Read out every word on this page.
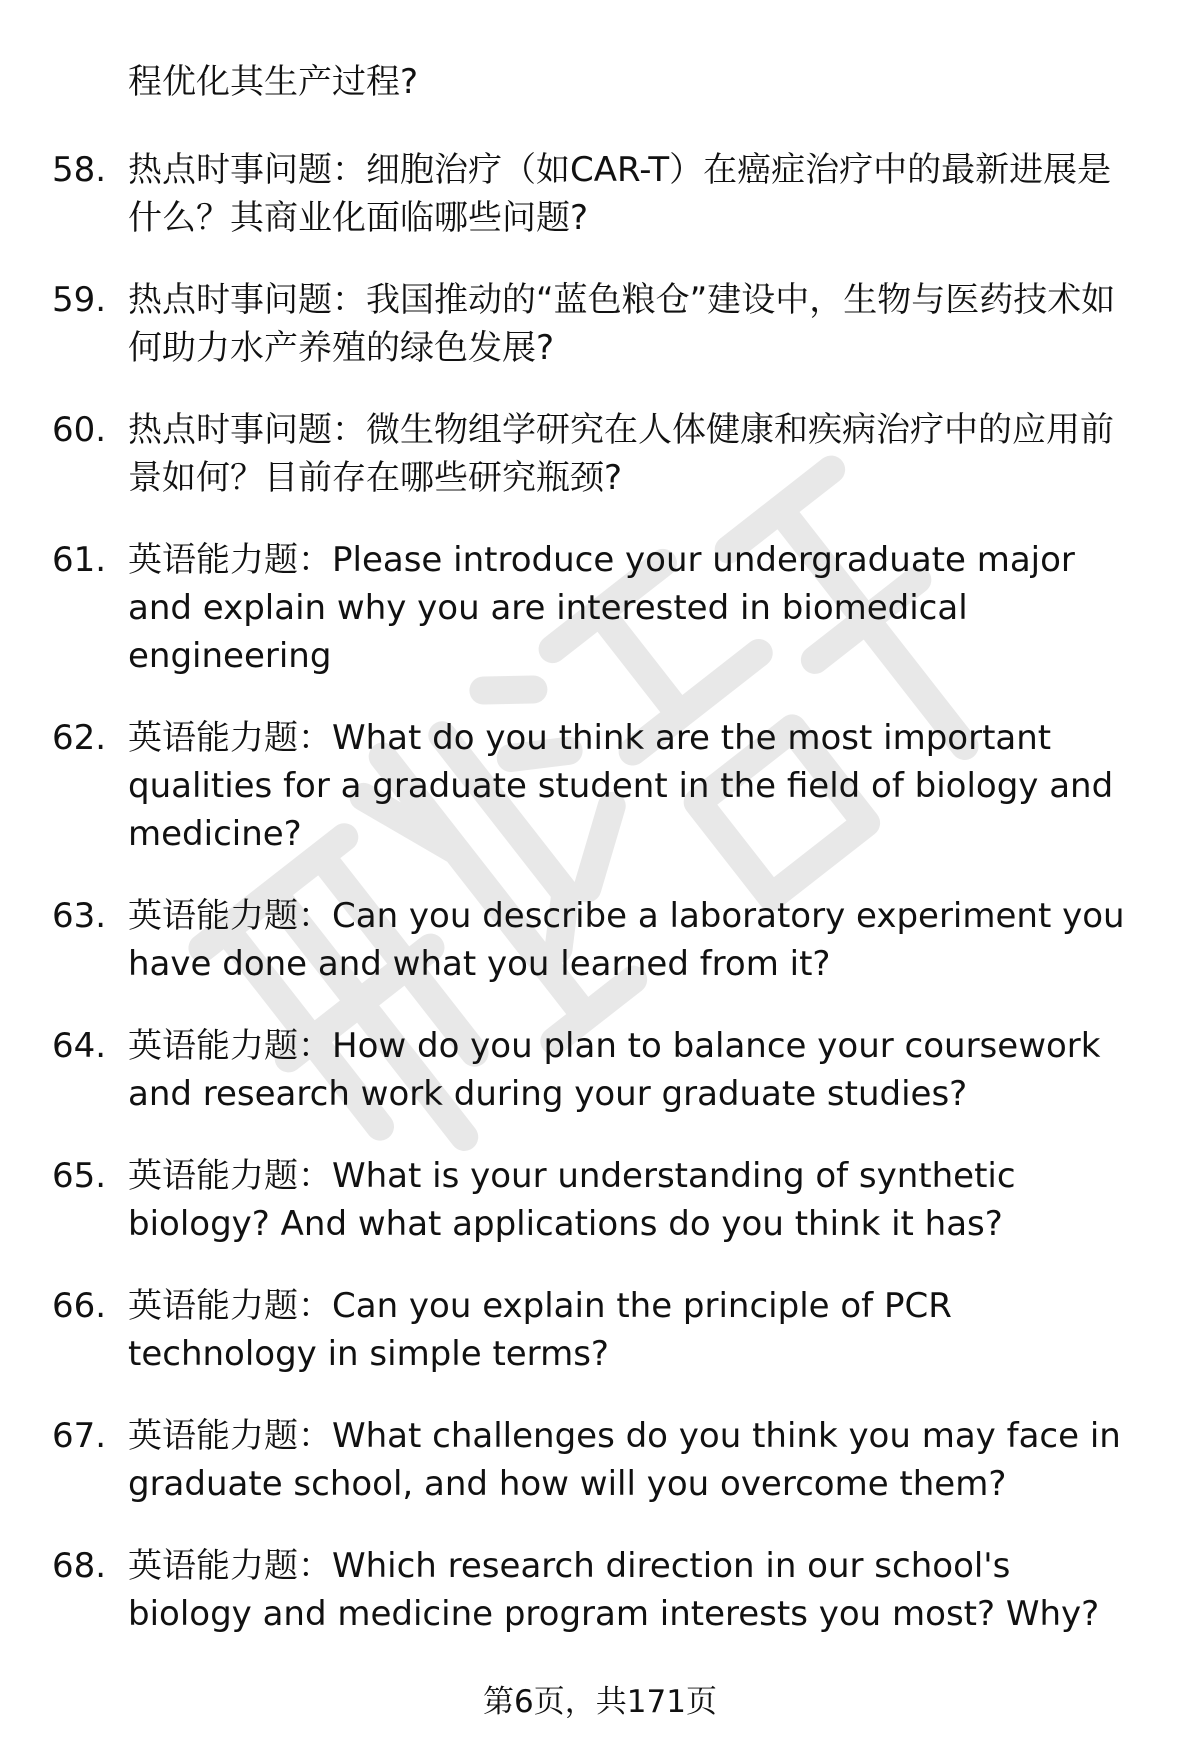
程优化其生产过程?

58. 热点时事问题：细胞治疗（如CAR-T）在癌症治疗中的最新进展是什么？其商业化面临哪些问题?
59. 热点时事问题：我国推动的“蓝色粮仓”建设中，生物与医药技术如何助力水产养殖的绿色发展?
60. 热点时事问题：微生物组学研究在人体健康和疾病治疗中的应用前景如何？目前存在哪些研究瓶颈?
61. 英语能力题：Please introduce your undergraduate major and explain why you are interested in biomedical engineering
62. 英语能力题：What do you think are the most important qualities for a graduate student in the field of biology and medicine?
63. 英语能力题：Can you describe a laboratory experiment you have done and what you learned from it?
64. 英语能力题：How do you plan to balance your coursework and research work during your graduate studies?
65. 英语能力题：What is your understanding of synthetic biology? And what applications do you think it has?
66. 英语能力题：Can you explain the principle of PCR technology in simple terms?
67. 英语能力题：What challenges do you think you may face in graduate school, and how will you overcome them?
68. 英语能力题：Which research direction in our school's biology and medicine program interests you most? Why?
第6页，共171页
